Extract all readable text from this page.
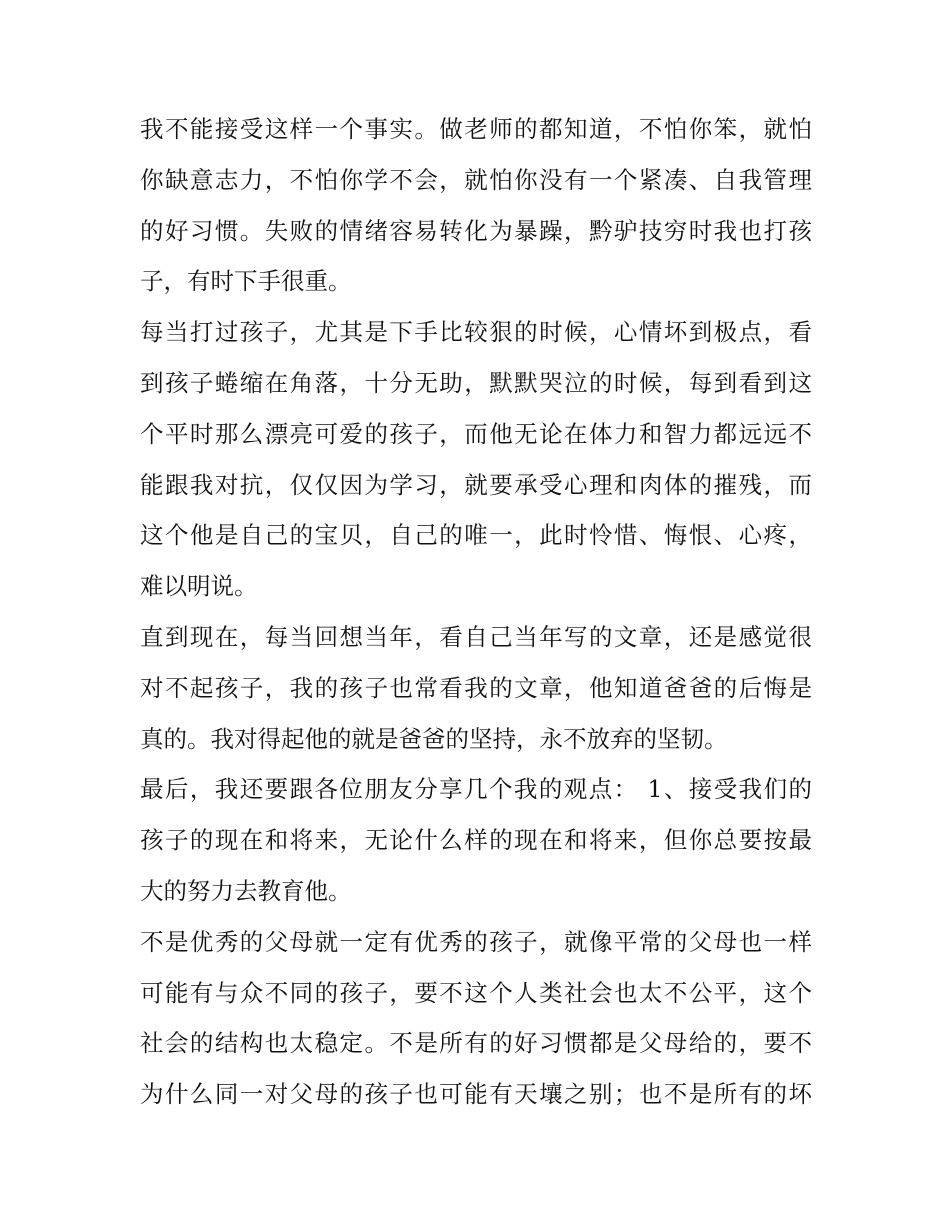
我不能接受这样一个事实。做老师的都知道，不怕你笨，就怕
你缺意志力，不怕你学不会，就怕你没有一个紧凑、自我管理
的好习惯。失败的情绪容易转化为暴躁，黔驴技穷时我也打孩
子，有时下手很重。
每当打过孩子，尤其是下手比较狠的时候，心情坏到极点，看
到孩子蜷缩在角落，十分无助，默默哭泣的时候，每到看到这
个平时那么漂亮可爱的孩子，而他无论在体力和智力都远远不
能跟我对抗，仅仅因为学习，就要承受心理和肉体的摧残，而
这个他是自己的宝贝，自己的唯一，此时怜惜、悔恨、心疼，
难以明说。
直到现在，每当回想当年，看自己当年写的文章，还是感觉很
对不起孩子，我的孩子也常看我的文章，他知道爸爸的后悔是
真的。我对得起他的就是爸爸的坚持，永不放弃的坚韧。
最后，我还要跟各位朋友分享几个我的观点： 1、接受我们的
孩子的现在和将来，无论什么样的现在和将来，但你总要按最
大的努力去教育他。
不是优秀的父母就一定有优秀的孩子，就像平常的父母也一样
可能有与众不同的孩子，要不这个人类社会也太不公平，这个
社会的结构也太稳定。不是所有的好习惯都是父母给的，要不
为什么同一对父母的孩子也可能有天壤之别；也不是所有的坏
